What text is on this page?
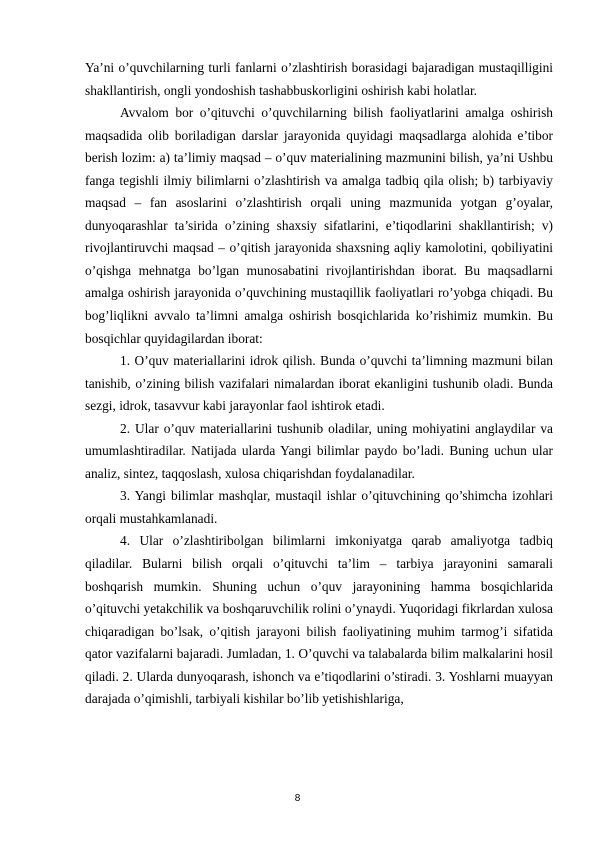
Ya’ni o’quvchilarning turli fanlarni o’zlashtirish borasidagi bajaradigan mustaqilligini shakllantirish, ongli yondoshish tashabbuskorligini oshirish kabi holatlar.

Avvalom bor o’qituvchi o’quvchilarning bilish faoliyatlarini amalga oshirish maqsadida olib boriladigan darslar jarayonida quyidagi maqsadlarga alohida e’tibor berish lozim: a) ta’limiy maqsad – o’quv materialining mazmunini bilish, ya’ni Ushbu fanga tegishli ilmiy bilimlarni o’zlashtirish va amalga tadbiq qila olish; b) tarbiyaviy maqsad – fan asoslarini o’zlashtirish orqali uning mazmunida yotgan g’oyalar, dunyoqarashlar ta’sirida o’zining shaxsiy sifatlarini, e’tiqodlarini shakllantirish; v) rivojlantiruvchi maqsad – o’qitish jarayonida shaxsning aqliy kamolotini, qobiliyatini o’qishga mehnatga bo’lgan munosabatini rivojlantirishdan iborat. Bu maqsadlarni amalga oshirish jarayonida o’quvchining mustaqillik faoliyatlari ro’yobga chiqadi. Bu bog’liqlikni avvalo ta’limni amalga oshirish bosqichlarida ko’rishimiz mumkin. Bu bosqichlar quyidagilardan iborat:

1. O’quv materiallarini idrok qilish. Bunda o’quvchi ta’limning mazmuni bilan tanishib, o’zining bilish vazifalari nimalardan iborat ekanligini tushunib oladi. Bunda sezgi, idrok, tasavvur kabi jarayonlar faol ishtirok etadi.

2. Ular o’quv materiallarini tushunib oladilar, uning mohiyatini anglaydilar va umumlashtiradilar. Natijada ularda Yangi bilimlar paydo bo’ladi. Buning uchun ular analiz, sintez, taqqoslash, xulosa chiqarishdan foydalanadilar.

3. Yangi bilimlar mashqlar, mustaqil ishlar o’qituvchining qo’shimcha izohlari orqali mustahkamlanadi.

4. Ular o’zlashtiribolgan bilimlarni imkoniyatga qarab amaliyotga tadbiq qiladilar. Bularni bilish orqali o’qituvchi ta’lim – tarbiya jarayonini samarali boshqarish mumkin. Shuning uchun o’quv jarayonining hamma bosqichlarida o’qituvchi yetakchilik va boshqaruvchilik rolini o’ynaydi. Yuqoridagi fikrlardan xulosa chiqaradigan bo’lsak, o’qitish jarayoni bilish faoliyatining muhim tarmog’i sifatida qator vazifalarni bajaradi. Jumladan, 1. O’quvchi va talabalarda bilim malkalarini hosil qiladi. 2. Ularda dunyoqarash, ishonch va e’tiqodlarini o’stiradi. 3. Yoshlarni muayyan darajada o’qimishli, tarbiyali kishilar bo’lib yetishishlariga,

8
